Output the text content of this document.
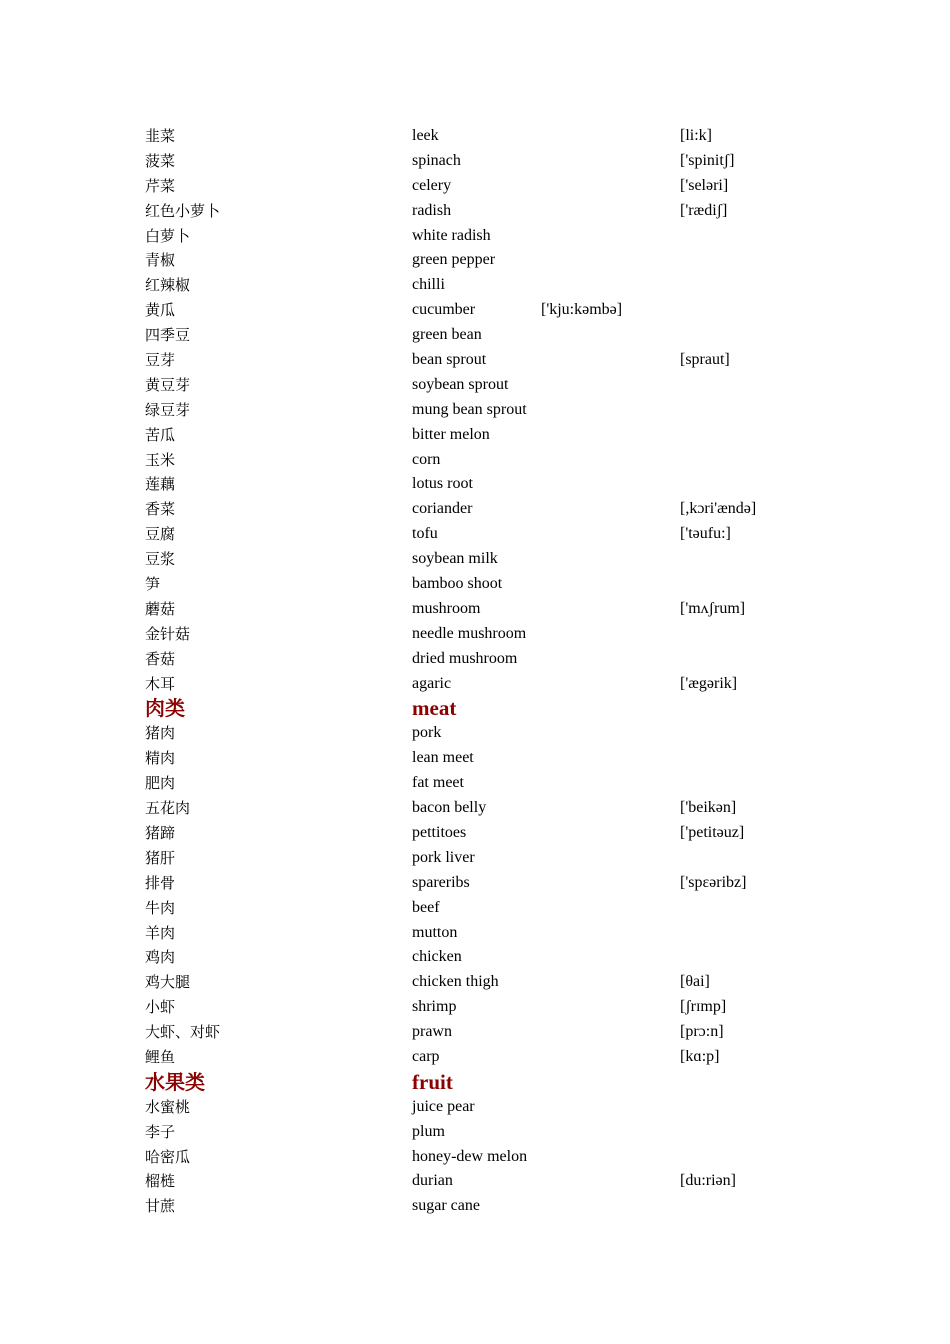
韭菜	leek	[li:k]
菠菜	spinach	['spinitʃ]
芹菜	celery	['seləri]
红色小萝卜	radish	['rædiʃ]
白萝卜	white radish
青椒	green pepper
红辣椒	chilli
黄瓜	cucumber	['kju:kəmbə]
四季豆	green bean
豆芽	bean sprout	[spraut]
黄豆芽	soybean sprout
绿豆芽	mung bean sprout
苦瓜	bitter melon
玉米	corn
莲藕	lotus root
香菜	coriander	[,kɔri'ændə]
豆腐	tofu	['təufu:]
豆浆	soybean milk
笋	bamboo shoot
蘑菇	mushroom	['mʌʃrum]
金针菇	needle mushroom
香菇	dried mushroom
木耳	agaric	['ægərik]
肉类	meat
猪肉	pork
精肉	lean meet
肥肉	fat meet
五花肉	bacon belly	['beikən]
猪蹄	pettitoes	['petitəuz]
猪肝	pork liver
排骨	spareribs	['spɛəribz]
牛肉	beef
羊肉	mutton
鸡肉	chicken
鸡大腿	chicken thigh	[θai]
小虾	shrimp	[ʃrɪmp]
大虾、对虾	prawn	[prɔ:n]
鲤鱼	carp	[kɑ:p]
水果类	fruit
水蜜桃	juice pear
李子	plum
哈密瓜	honey-dew melon
榴梿	durian	[du:riən]
甘蔗	sugar cane
